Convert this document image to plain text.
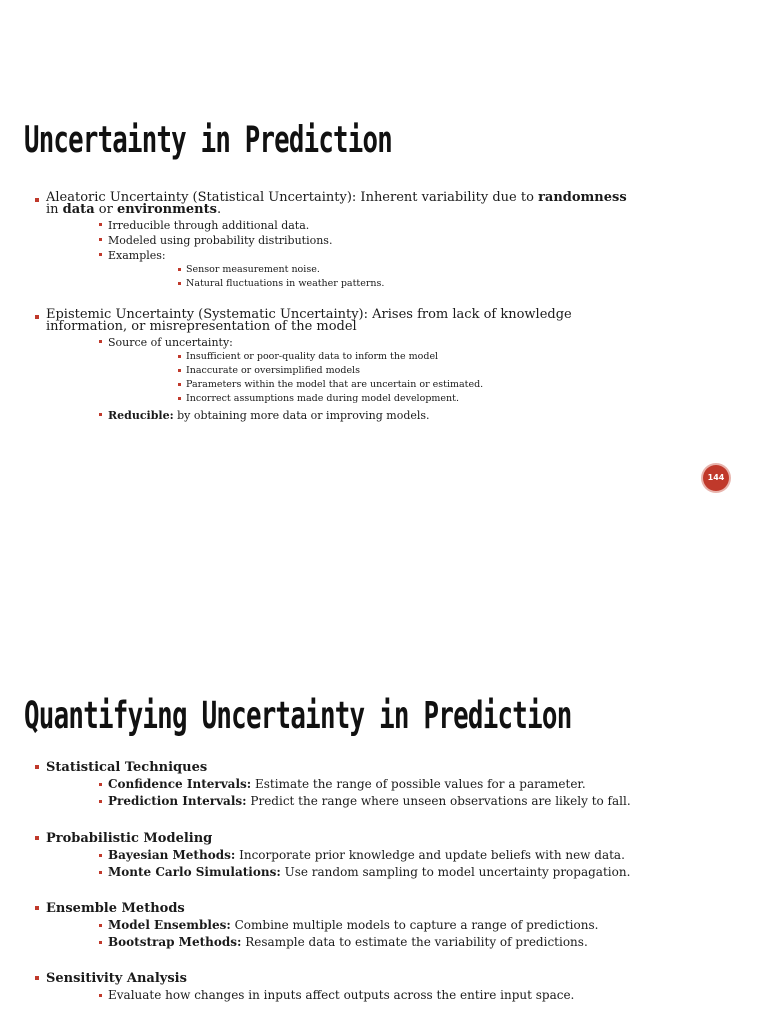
Uncertainty in Prediction
Aleatoric Uncertainty (Statistical Uncertainty): Inherent variability due to randomness
in data or environments.
Irreducible through additional data.
Modeled using probability distributions.
Examples:
Sensor measurement noise.
Natural fluctuations in weather patterns.
Epistemic Uncertainty (Systematic Uncertainty): Arises from lack of knowledge
information, or misrepresentation of the model
Source of uncertainty:
Insufficient or poor-quality data to inform the model
Inaccurate or oversimplified models
Parameters within the model that are uncertain or estimated.
Incorrect assumptions made during model development.
Reducible: by obtaining more data or improving models.
144
Quantifying Uncertainty in Prediction
Statistical Techniques
Confidence Intervals: Estimate the range of possible values for a parameter.
Prediction Intervals: Predict the range where unseen observations are likely to fall.
Probabilistic Modeling
Bayesian Methods: Incorporate prior knowledge and update beliefs with new data.
Monte Carlo Simulations: Use random sampling to model uncertainty propagation.
Ensemble Methods
Model Ensembles: Combine multiple models to capture a range of predictions.
Bootstrap Methods: Resample data to estimate the variability of predictions.
Sensitivity Analysis
Evaluate how changes in inputs affect outputs across the entire input space.
